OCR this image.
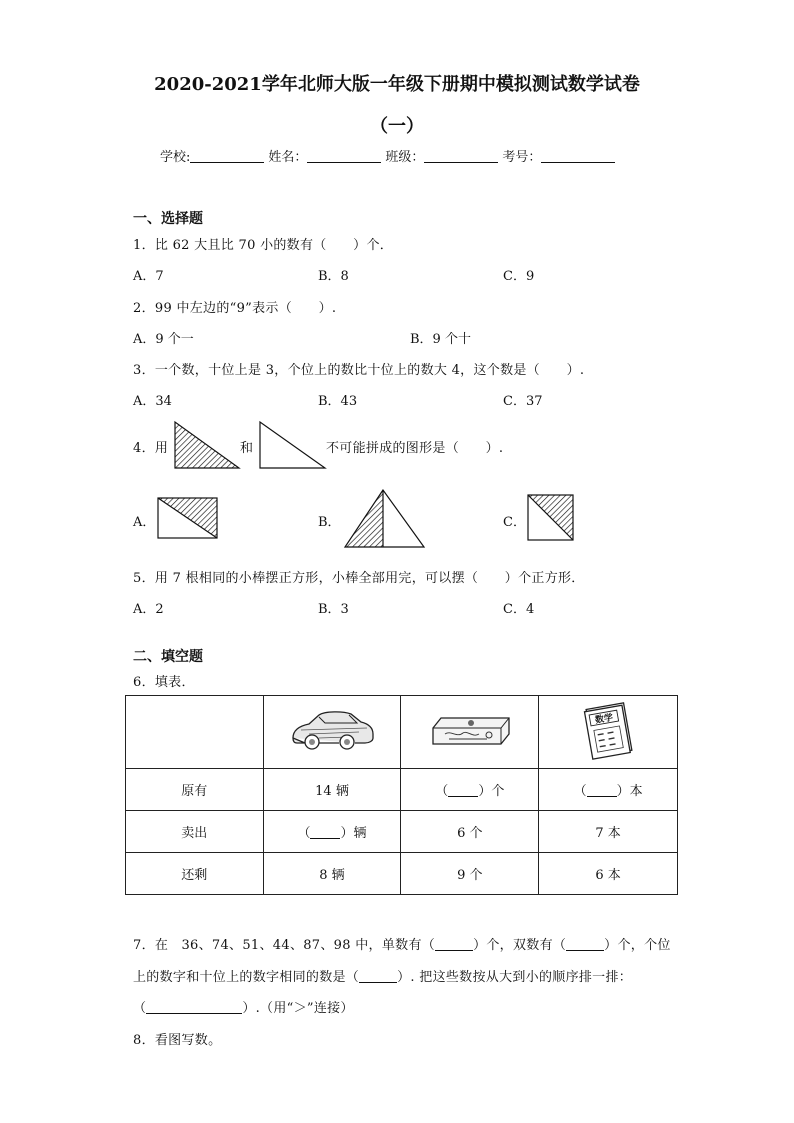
2020-2021学年北师大版一年级下册期中模拟测试数学试卷
（一）
学校:	姓名：	班级：	考号：
一、选择题
1．比 62 大且比 70 小的数有（　　）个．
A．7	B．8	C．9
2．99 中左边的“9”表示（　　）.
A．9 个一	B．9 个十
3．一个数，十位上是 3，个位上的数比十位上的数大 4，这个数是（　　）.
A．34	B．43	C．37
4．用	和	不可能拼成的图形是（　　）.
A．	B．	C．
5．用 7 根相同的小棒摆正方形，小棒全部用完，可以摆（　　）个正方形．
A．2	B．3	C．4
二、填空题
6．填表．

数学

原有	14 辆	（ ）个	（ ）本
卖出	（ ）辆	6 个	7 本
还剩	8 辆	9 个	6 本
7．在　36、74、51、44、87、98 中，单数有（	）个，双数有（	）个，个位
上的数字和十位上的数字相同的数是（	）. 把这些数按从大到小的顺序排一排：
（	）.（用“＞”连接）
8．看图写数。
